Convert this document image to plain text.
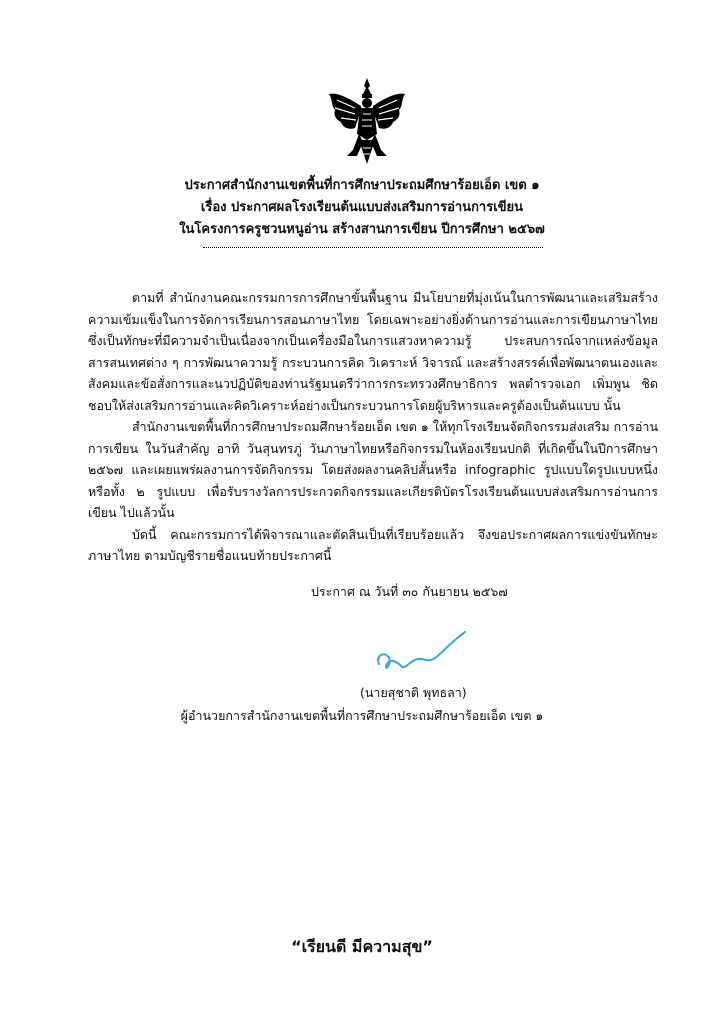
ประกาศสำนักงานเขตพื้นที่การศึกษาประถมศึกษาร้อยเอ็ด เขต ๑
เรื่อง ประกาศผลโรงเรียนต้นแบบส่งเสริมการอ่านการเขียน
ในโครงการครูชวนหนูอ่าน สร้างสานการเขียน ปีการศึกษา ๒๕๖๗

ตามที่ สำนักงานคณะกรรมการการศึกษาขั้นพื้นฐาน มีนโยบายที่มุ่งเน้นในการพัฒนาและเสริมสร้างความเข้มแข็งในการจัดการเรียนการสอนภาษาไทย โดยเฉพาะอย่างยิ่งด้านการอ่านและการเขียนภาษาไทยซึ่งเป็นทักษะที่มีความจำเป็นเนื่องจากเป็นเครื่องมือในการแสวงหาความรู้ ประสบการณ์จากแหล่งข้อมูลสารสนเทศต่าง ๆ การพัฒนาความรู้ กระบวนการคิด วิเคราะห์ วิจารณ์ และสร้างสรรค์เพื่อพัฒนาตนเองและสังคมและข้อสั่งการและนวปฏิบัติของท่านรัฐมนตรีว่าการกระทรวงศึกษาธิการ พลตำรวจเอก เพิ่มพูน ชิดชอบให้ส่งเสริมการอ่านและคิดวิเคราะห์อย่างเป็นกระบวนการโดยผู้บริหารและครูต้องเป็นต้นแบบ นั้น

สำนักงานเขตพื้นที่การศึกษาประถมศึกษาร้อยเอ็ด เขต ๑ ให้ทุกโรงเรียนจัดกิจกรรมส่งเสริม การอ่านการเขียน ในวันสำคัญ อาทิ วันสุนทรภู่ วันภาษาไทยหรือกิจกรรมในห้องเรียนปกติ ที่เกิดขึ้นในปีการศึกษา ๒๕๖๗ และเผยแพร่ผลงานการจัดกิจกรรม โดยส่งผลงานคลิปสั้นหรือ infographic รูปแบบใดรูปแบบหนึ่ง หรือทั้ง ๒ รูปแบบ เพื่อรับรางวัลการประกวดกิจกรรมและเกียรติบัตรโรงเรียนต้นแบบส่งเสริมการอ่านการเขียน ไปแล้วนั้น

บัดนี้ คณะกรรมการได้พิจารณาและตัดสินเป็นที่เรียบร้อยแล้ว จึงขอประกาศผลการแข่งขันทักษะภาษาไทย ตามบัญชีรายชื่อแนบท้ายประกาศนี้

ประกาศ ณ วันที่ ๓๐ กันยายน ๒๕๖๗
(นายสุชาติ พุทธลา)
ผู้อำนวยการสำนักงานเขตพื้นที่การศึกษาประถมศึกษาร้อยเอ็ด เขต ๑
“เรียนดี มีความสุข”
